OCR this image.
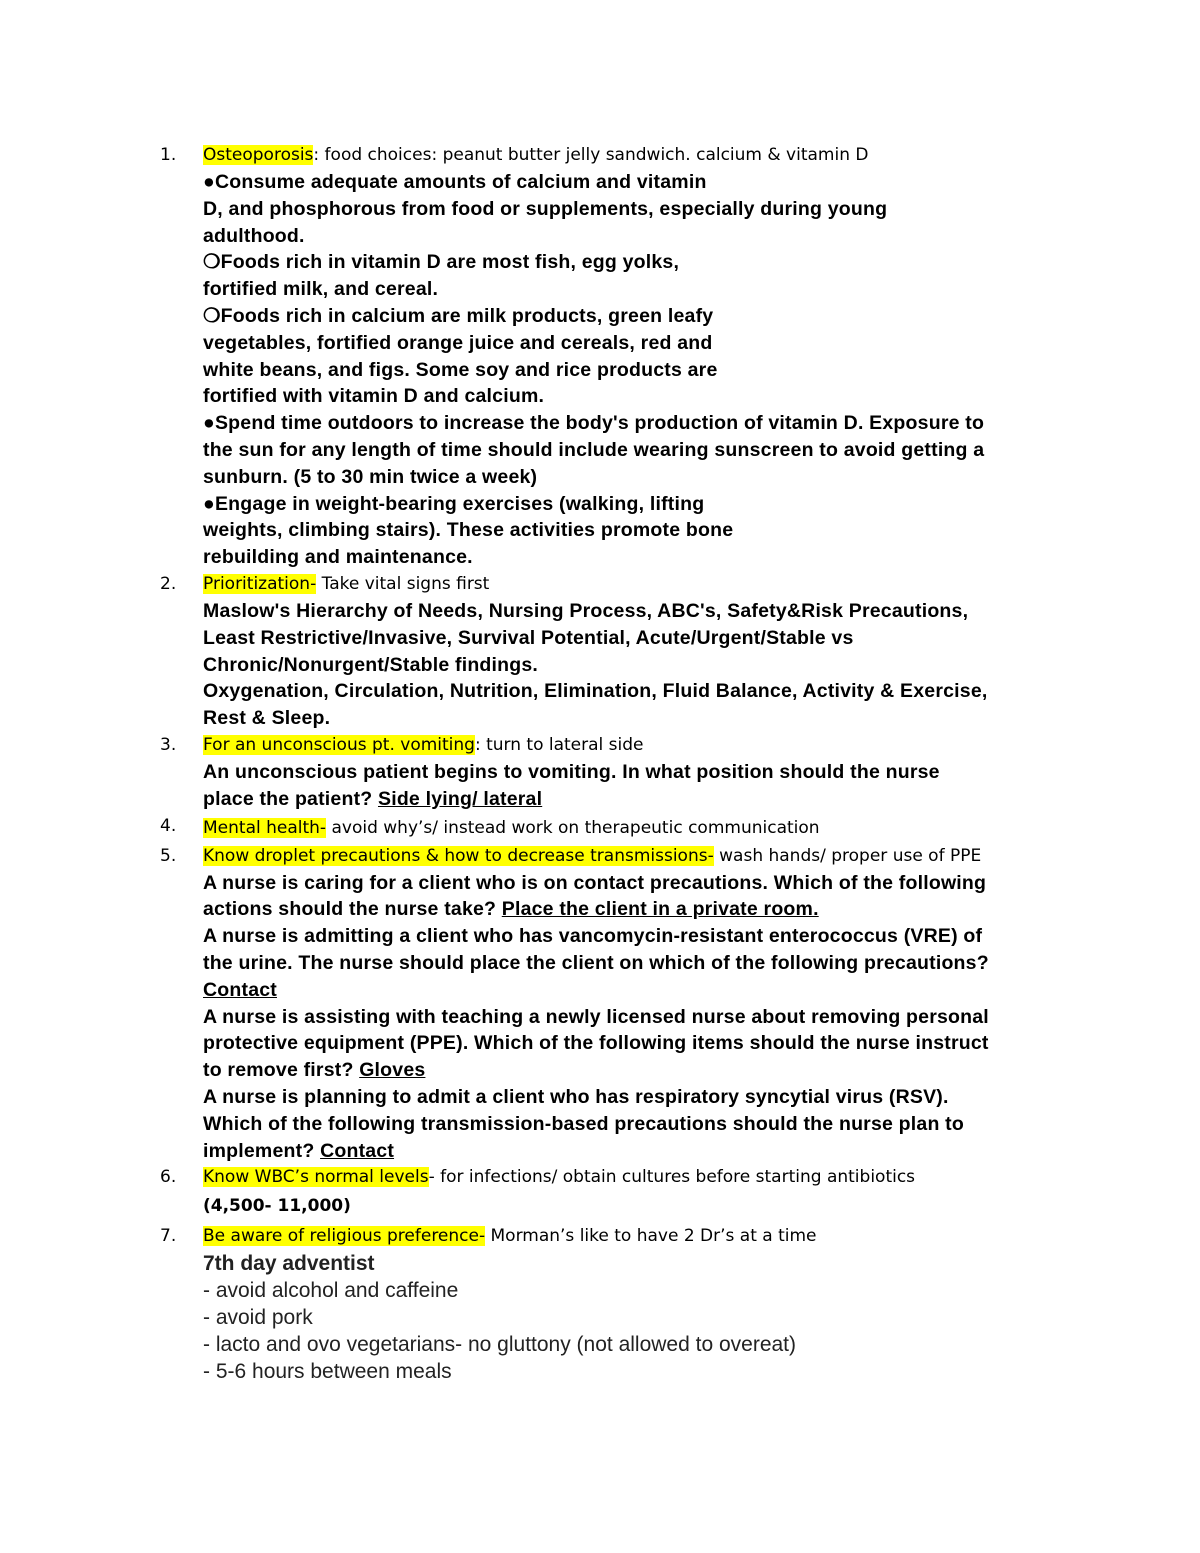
1.	Osteoporosis: food choices: peanut butter jelly sandwich. calcium & vitamin D
●Consume adequate amounts of calcium and vitamin
D, and phosphorous from food or supplements, especially during young
adulthood.
❍Foods rich in vitamin D are most fish, egg yolks,
fortified milk, and cereal.
❍Foods rich in calcium are milk products, green leafy
vegetables, fortified orange juice and cereals, red and
white beans, and figs. Some soy and rice products are
fortified with vitamin D and calcium.
●Spend time outdoors to increase the body's production of vitamin D. Exposure to
the sun for any length of time should include wearing sunscreen to avoid getting a
sunburn. (5 to 30 min twice a week)
●Engage in weight-bearing exercises (walking, lifting
weights, climbing stairs). These activities promote bone
rebuilding and maintenance.
2.	Prioritization- Take vital signs first
Maslow's Hierarchy of Needs, Nursing Process, ABC's, Safety&Risk Precautions,
Least Restrictive/Invasive, Survival Potential, Acute/Urgent/Stable vs
Chronic/Nonurgent/Stable findings.
Oxygenation, Circulation, Nutrition, Elimination, Fluid Balance, Activity & Exercise,
Rest & Sleep.
3.	For an unconscious pt. vomiting: turn to lateral side
An unconscious patient begins to vomiting. In what position should the nurse
place the patient? Side lying/ lateral
4.	Mental health- avoid why’s/ instead work on therapeutic communication
5.	Know droplet precautions & how to decrease transmissions- wash hands/ proper use of PPE
A nurse is caring for a client who is on contact precautions. Which of the following
actions should the nurse take? Place the client in a private room.
A nurse is admitting a client who has vancomycin-resistant enterococcus (VRE) of
the urine. The nurse should place the client on which of the following precautions?
Contact
A nurse is assisting with teaching a newly licensed nurse about removing personal
protective equipment (PPE). Which of the following items should the nurse instruct
to remove first? Gloves
A nurse is planning to admit a client who has respiratory syncytial virus (RSV).
Which of the following transmission-based precautions should the nurse plan to
implement? Contact
6.	Know WBC’s normal levels- for infections/ obtain cultures before starting antibiotics
(4,500- 11,000)
7.	Be aware of religious preference- Morman’s like to have 2 Dr’s at a time
7th day adventist
- avoid alcohol and caffeine
- avoid pork
- lacto and ovo vegetarians- no gluttony (not allowed to overeat)
- 5-6 hours between meals
